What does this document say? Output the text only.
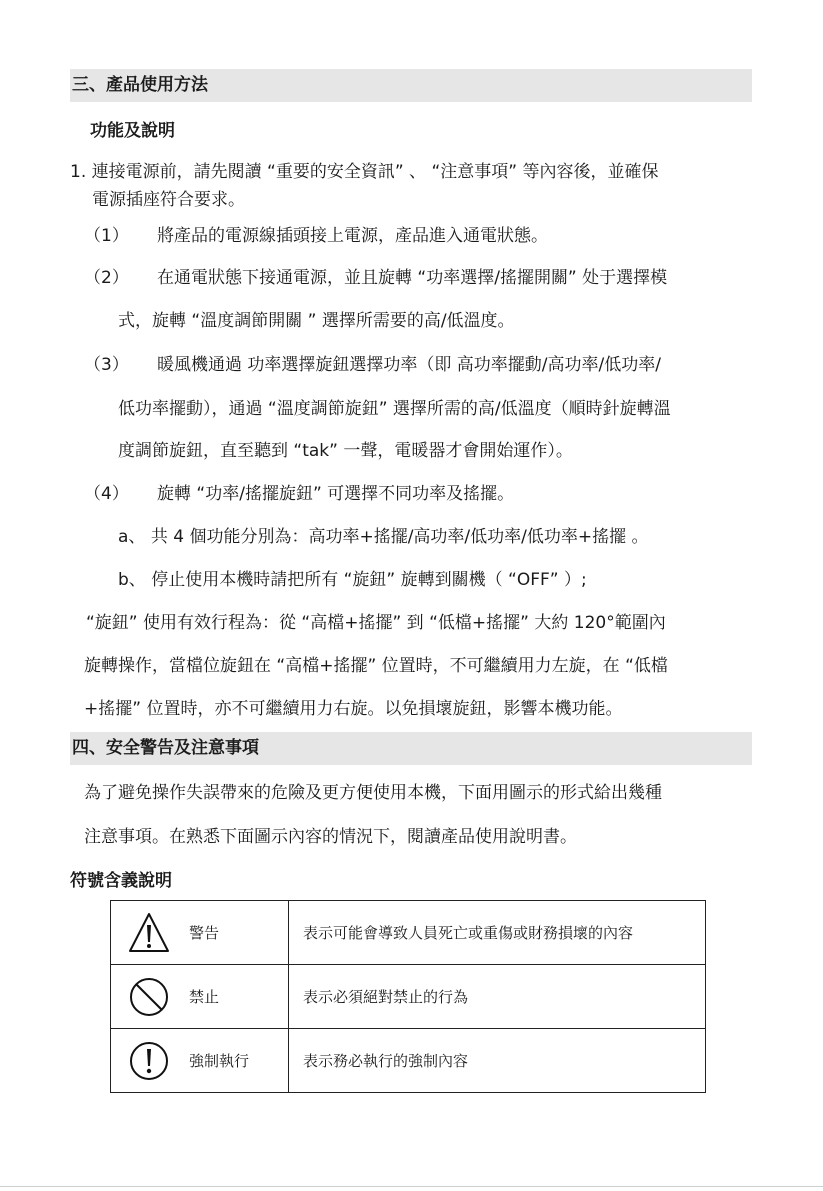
三、產品使用方法
功能及說明
1. 連接電源前，請先閱讀 “重要的安全資訊” 、 “注意事項” 等內容後，並確保
電源插座符合要求。
（1） 將產品的電源線插頭接上電源，產品進入通電狀態。
（2） 在通電狀態下接通電源，並且旋轉 “功率選擇/搖擺開關” 处于選擇模
式，旋轉 “溫度調節開關 ” 選擇所需要的高/低溫度。
（3） 暖風機通過 功率選擇旋鈕選擇功率（即 高功率擺動/高功率/低功率/
低功率擺動），通過 “溫度調節旋鈕” 選擇所需的高/低溫度（順時針旋轉溫
度調節旋鈕，直至聽到 “tak” 一聲，電暖器才會開始運作）。
（4） 旋轉 “功率/搖擺旋鈕” 可選擇不同功率及搖擺。
a、 共 4 個功能分別為：高功率+搖擺/高功率/低功率/低功率+搖擺 。
b、 停止使用本機時請把所有 “旋鈕” 旋轉到關機（ “OFF” ）;
“旋鈕” 使用有效行程為：從 “高檔+搖擺” 到 “低檔+搖擺” 大約 120°範圍內
旋轉操作，當檔位旋鈕在 “高檔+搖擺” 位置時，不可繼續用力左旋，在 “低檔
+搖擺” 位置時，亦不可繼續用力右旋。以免損壞旋鈕，影響本機功能。
四、安全警告及注意事項
為了避免操作失誤帶來的危險及更方便使用本機，下面用圖示的形式給出幾種
注意事項。在熟悉下面圖示內容的情況下，閱讀產品使用說明書。
符號含義說明
警告	表示可能會導致人員死亡或重傷或財務損壞的內容

禁止	表示必須絕對禁止的行為

強制執行	表示務必執行的強制內容
